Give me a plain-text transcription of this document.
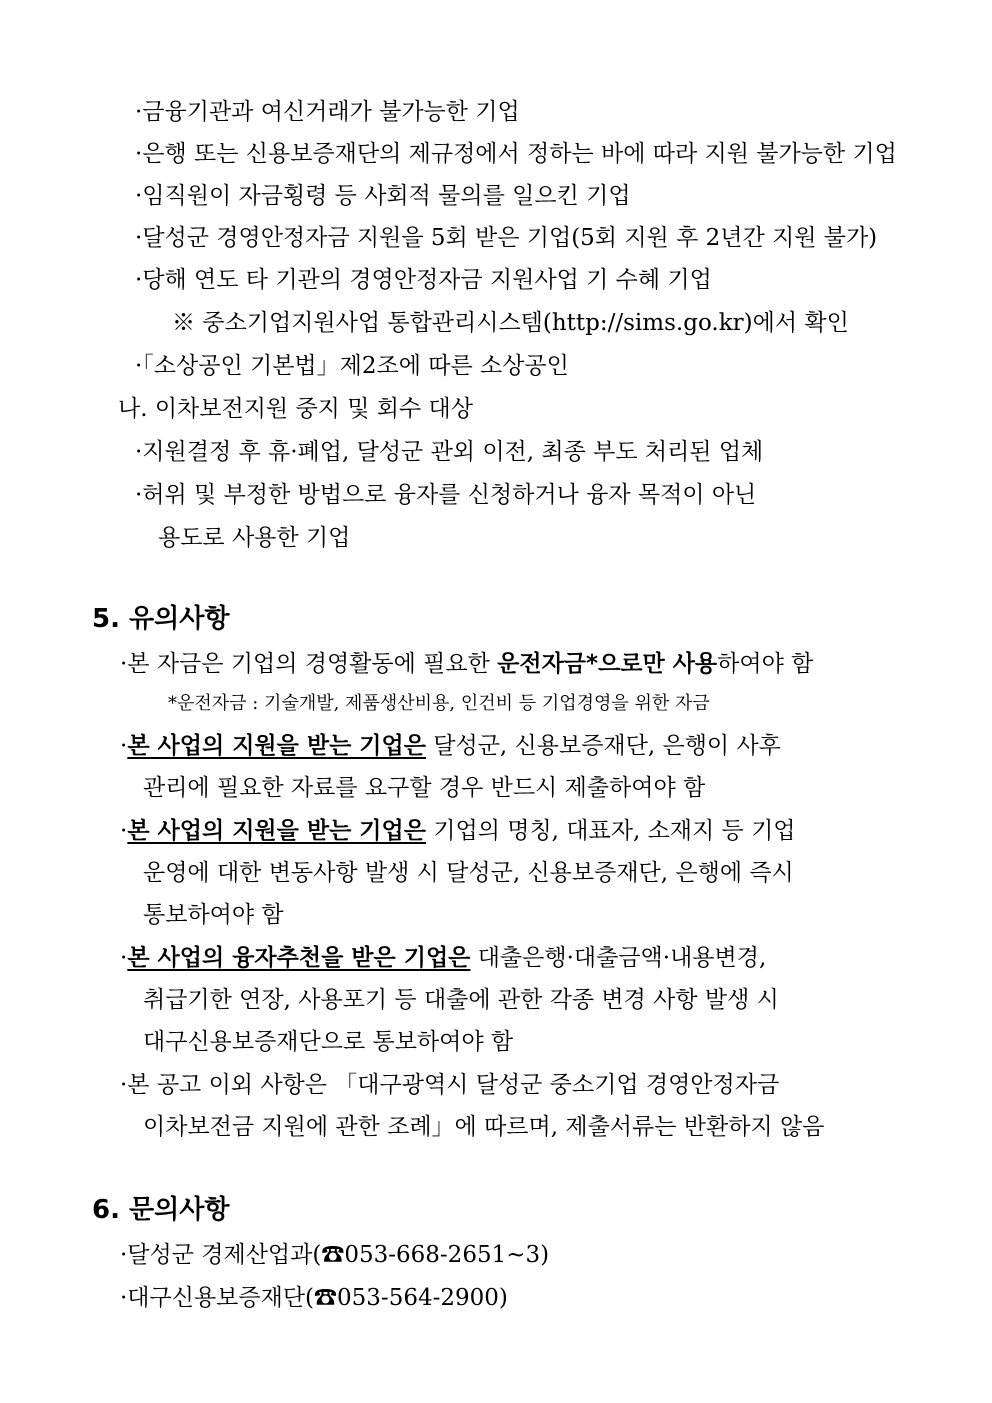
·금융기관과 여신거래가 불가능한 기업
·은행 또는 신용보증재단의 제규정에서 정하는 바에 따라 지원 불가능한 기업
·임직원이 자금횡령 등 사회적 물의를 일으킨 기업
·달성군 경영안정자금 지원을 5회 받은 기업(5회 지원 후 2년간 지원 불가)
·당해 연도 타 기관의 경영안정자금 지원사업 기 수혜 기업
※ 중소기업지원사업 통합관리시스템(http://sims.go.kr)에서 확인
·「소상공인 기본법」제2조에 따른 소상공인
나. 이차보전지원 중지 및 회수 대상
·지원결정 후 휴·폐업, 달성군 관외 이전, 최종 부도 처리된 업체
·허위 및 부정한 방법으로 융자를 신청하거나 융자 목적이 아닌
용도로 사용한 기업
5. 유의사항
·본 자금은 기업의 경영활동에 필요한 운전자금*으로만 사용하여야 함
*운전자금 : 기술개발, 제품생산비용, 인건비 등 기업경영을 위한 자금
·본 사업의 지원을 받는 기업은 달성군, 신용보증재단, 은행이 사후
관리에 필요한 자료를 요구할 경우 반드시 제출하여야 함
·본 사업의 지원을 받는 기업은 기업의 명칭, 대표자, 소재지 등 기업
운영에 대한 변동사항 발생 시 달성군, 신용보증재단, 은행에 즉시
통보하여야 함
·본 사업의 융자추천을 받은 기업은 대출은행·대출금액·내용변경,
취급기한 연장, 사용포기 등 대출에 관한 각종 변경 사항 발생 시
대구신용보증재단으로 통보하여야 함
·본 공고 이외 사항은 「대구광역시 달성군 중소기업 경영안정자금
이차보전금 지원에 관한 조례」에 따르며, 제출서류는 반환하지 않음
6. 문의사항
·달성군 경제산업과(☎053-668-2651~3)
·대구신용보증재단(☎053-564-2900)
